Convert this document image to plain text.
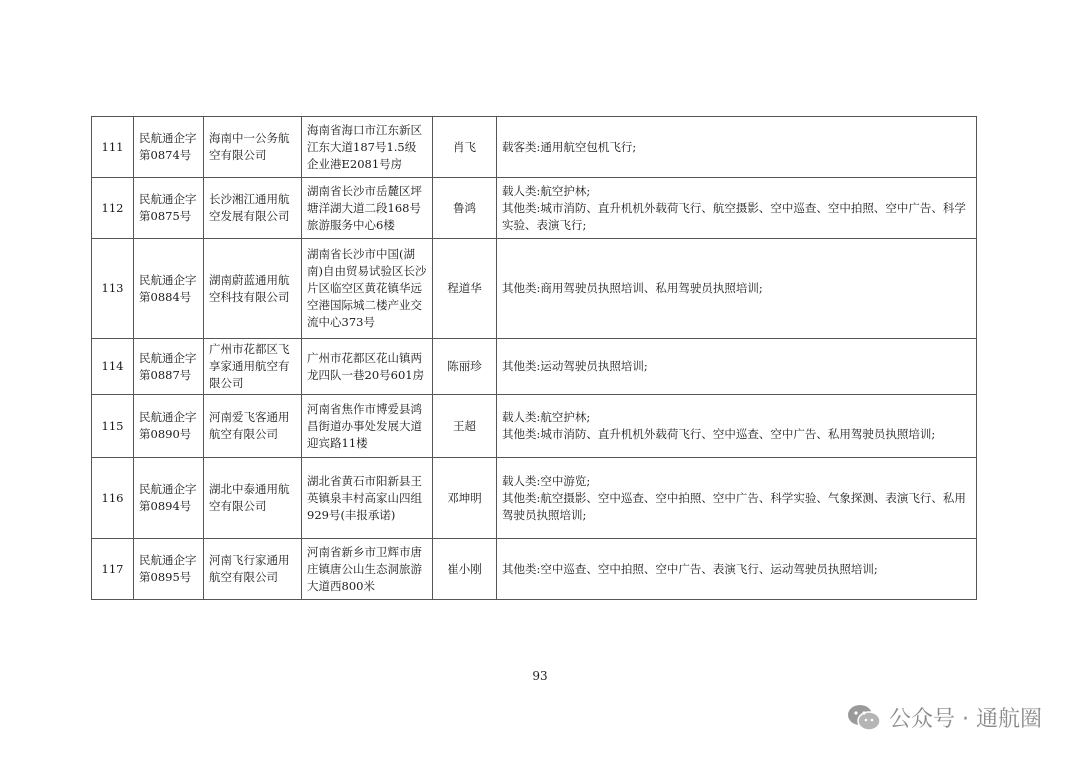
111	民航通企字第0874号	海南中一公务航空有限公司	海南省海口市江东新区江东大道187号1.5级企业港E2081号房	肖飞	载客类:通用航空包机飞行;

112	民航通企字第0875号	长沙湘江通用航空发展有限公司	湖南省长沙市岳麓区坪塘洋湖大道二段168号旅游服务中心6楼	鲁鸿	载人类:航空护林;
其他类:城市消防、直升机机外载荷飞行、航空摄影、空中巡查、空中拍照、空中广告、科学实验、表演飞行;

113	民航通企字第0884号	湖南蔚蓝通用航空科技有限公司	湖南省长沙市中国(湖南)自由贸易试验区长沙片区临空区黄花镇华远空港国际城二楼产业交流中心373号	程道华	其他类:商用驾驶员执照培训、私用驾驶员执照培训;

114	民航通企字第0887号	广州市花都区飞享家通用航空有限公司	广州市花都区花山镇两龙四队一巷20号601房	陈丽珍	其他类:运动驾驶员执照培训;

115	民航通企字第0890号	河南爱飞客通用航空有限公司	河南省焦作市博爱县鸿昌街道办事处发展大道迎宾路11楼	王超	载人类:航空护林;
其他类:城市消防、直升机机外载荷飞行、空中巡查、空中广告、私用驾驶员执照培训;

116	民航通企字第0894号	湖北中泰通用航空有限公司	湖北省黄石市阳新县王英镇泉丰村高家山四组929号(丰报承诺)	邓坤明	载人类:空中游览;
其他类:航空摄影、空中巡查、空中拍照、空中广告、科学实验、气象探测、表演飞行、私用驾驶员执照培训;

117	民航通企字第0895号	河南飞行家通用航空有限公司	河南省新乡市卫辉市唐庄镇唐公山生态洞旅游大道西800米	崔小刚	其他类:空中巡查、空中拍照、空中广告、表演飞行、运动驾驶员执照培训;
93
公众号 · 通航圈
